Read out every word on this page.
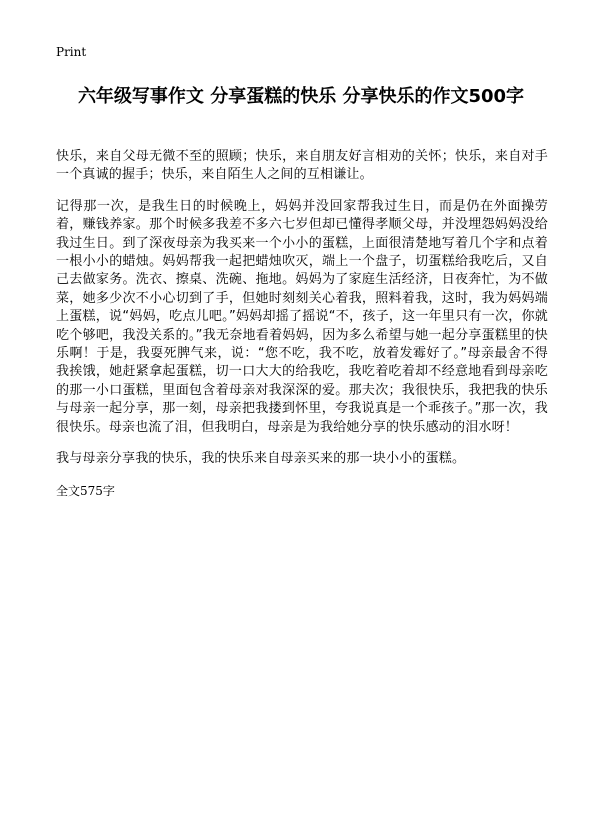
Print
六年级写事作文 分享蛋糕的快乐 分享快乐的作文500字

快乐，来自父母无微不至的照顾；快乐，来自朋友好言相劝的关怀；快乐，来自对手一个真诚的握手；快乐，来自陌生人之间的互相谦让。

记得那一次，是我生日的时候晚上，妈妈并没回家帮我过生日，而是仍在外面操劳着，赚钱养家。那个时候多我差不多六七岁但却已懂得孝顺父母，并没埋怨妈妈没给我过生日。到了深夜母亲为我买来一个小小的蛋糕，上面很清楚地写着几个字和点着一根小小的蜡烛。妈妈帮我一起把蜡烛吹灭，端上一个盘子，切蛋糕给我吃后，又自己去做家务。洗衣、擦桌、洗碗、拖地。妈妈为了家庭生活经济，日夜奔忙，为不做菜，她多少次不小心切到了手，但她时刻刻关心着我，照料着我，这时，我为妈妈端上蛋糕，说“妈妈，吃点儿吧。”妈妈却摇了摇说“不，孩子，这一年里只有一次，你就吃个够吧，我没关系的。”我无奈地看着妈妈，因为多么希望与她一起分享蛋糕里的快乐啊！于是，我耍死脾气来，说：“您不吃，我不吃，放着发霉好了。”母亲最舍不得我挨饿，她赶紧拿起蛋糕，切一口大大的给我吃，我吃着吃着却不经意地看到母亲吃的那一小口蛋糕，里面包含着母亲对我深深的爱。那夫次；我很快乐，我把我的快乐与母亲一起分享，那一刻，母亲把我搂到怀里，夸我说真是一个乖孩子。”那一次，我很快乐。母亲也流了泪，但我明白，母亲是为我给她分享的快乐感动的泪水呀！

我与母亲分享我的快乐，我的快乐来自母亲买来的那一块小小的蛋糕。

全文575字
